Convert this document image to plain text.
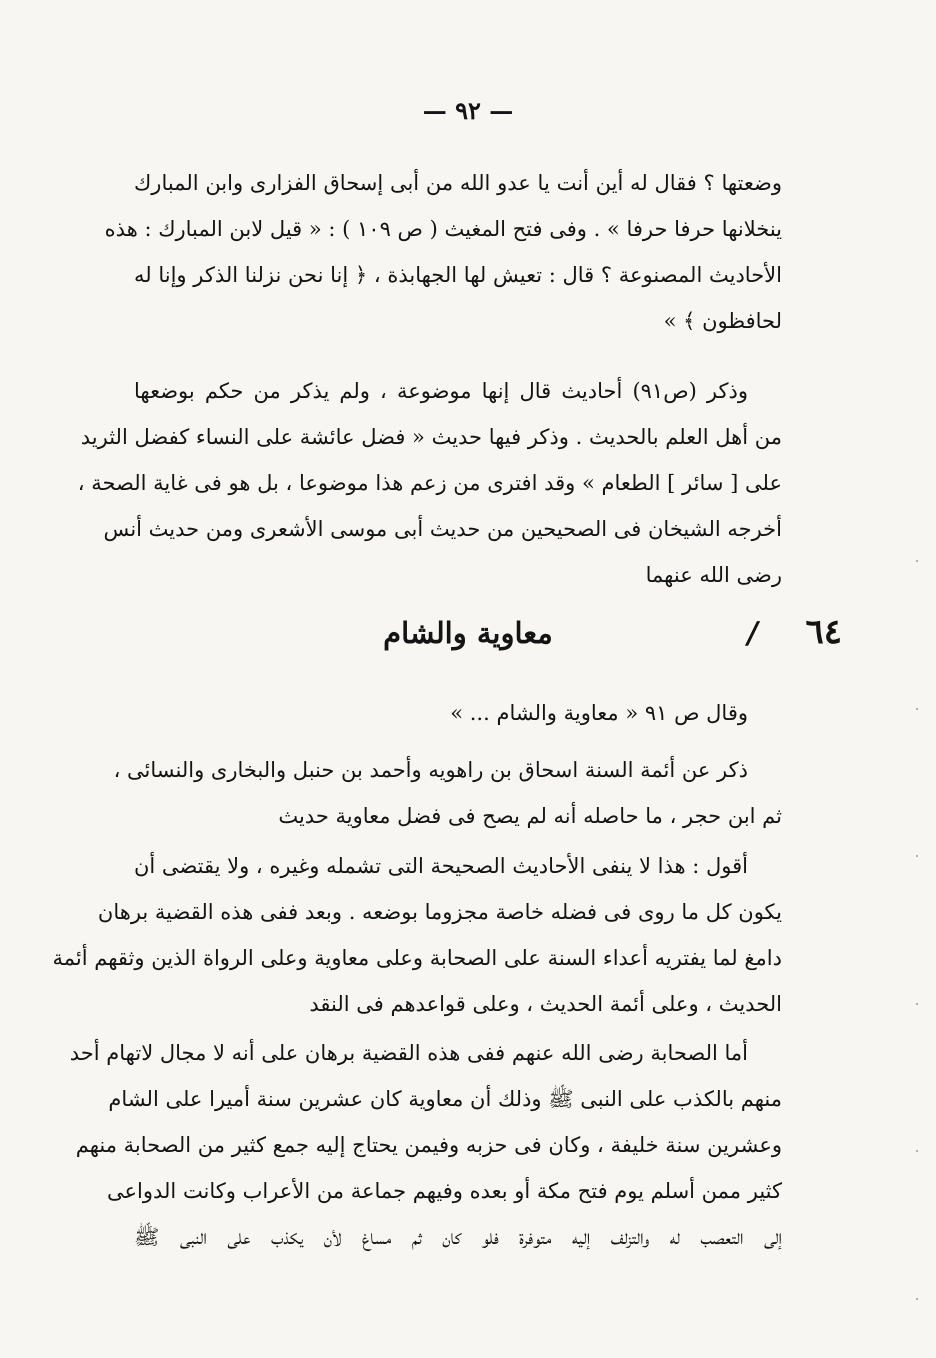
— ٩٢ —
وضعتها ؟ فقال له أين أنت يا عدو الله من أبى إسحاق الفزارى وابن المبارك
ينخلانها حرفا حرفا » . وفى فتح المغيث ( ص ١٠٩ ) : « قيل لابن المبارك : هذه
الأحاديث المصنوعة ؟ قال : تعيش لها الجهابذة ، ﴿ إنا نحن نزلنا الذكر وإنا له
لحافظون ﴾ »
وذكر (ص٩١) أحاديث قال إنها موضوعة ، ولم يذكر من حكم بوضعها
من أهل العلم بالحديث . وذكر فيها حديث « فضل عائشة على النساء كفضل الثريد
على [ سائر ] الطعام » وقد افترى من زعم هذا موضوعا ، بل هو فى غاية الصحة ،
أخرجه الشيخان فى الصحيحين من حديث أبى موسى الأشعرى ومن حديث أنس
رضى الله عنهما
٦٤
/
معاوية والشام
وقال ص ٩١ « معاوية والشام ... »
ذكر عن أئمة السنة اسحاق بن راهويه وأحمد بن حنبل والبخارى والنسائى ،
ثم ابن حجر ، ما حاصله أنه لم يصح فى فضل معاوية حديث
أقول : هذا لا ينفى الأحاديث الصحيحة التى تشمله وغيره ، ولا يقتضى أن
يكون كل ما روى فى فضله خاصة مجزوما بوضعه . وبعد ففى هذه القضية برهان
دامغ لما يفتريه أعداء السنة على الصحابة وعلى معاوية وعلى الرواة الذين وثقهم أئمة
الحديث ، وعلى أئمة الحديث ، وعلى قواعدهم فى النقد
أما الصحابة رضى الله عنهم ففى هذه القضية برهان على أنه لا مجال لاتهام أحد
منهم بالكذب على النبى ﷺ وذلك أن معاوية كان عشرين سنة أميرا على الشام
وعشرين سنة خليفة ، وكان فى حزبه وفيمن يحتاج إليه جمع كثير من الصحابة منهم
كثير ممن أسلم يوم فتح مكة أو بعده وفيهم جماعة من الأعراب وكانت الدواعى
إلى التعصب له والتزلف إليه متوفرة فلو كان ثم مساغ لأن يكذب على النبى ﷺ
